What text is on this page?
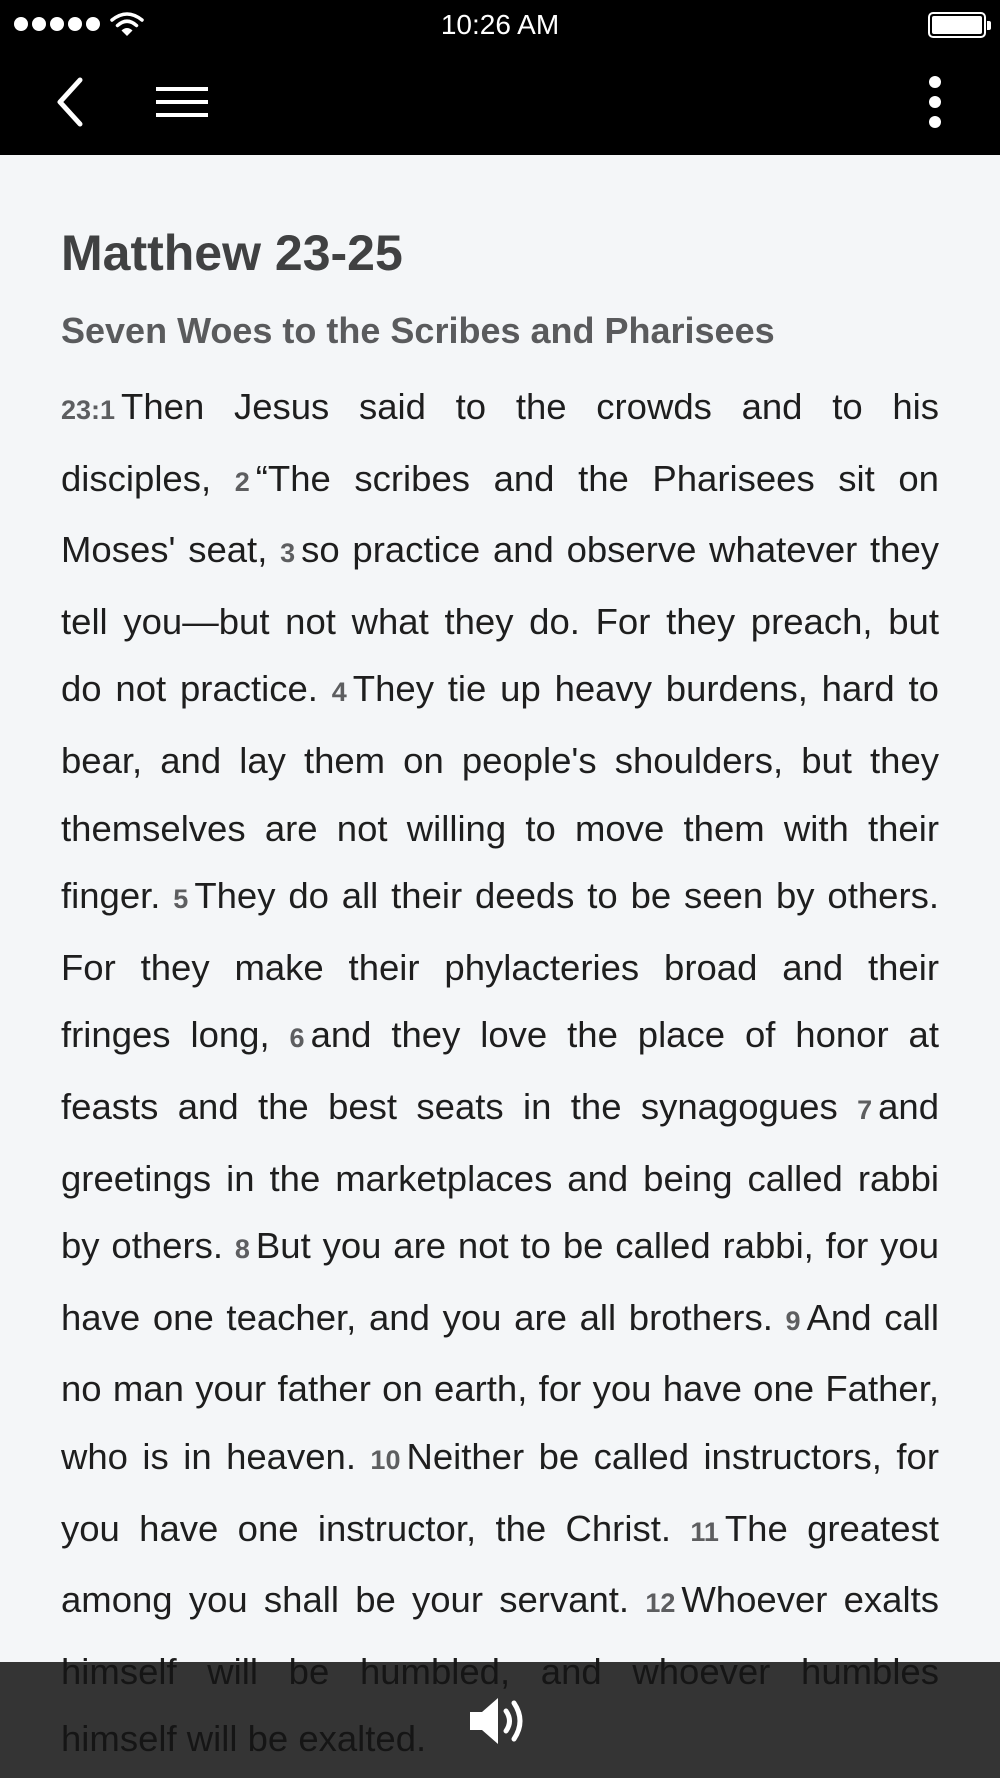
10:26 AM
Matthew 23-25
Seven Woes to the Scribes and Pharisees

23:1 Then Jesus said to the crowds and to his disciples, 2 “The scribes and the Pharisees sit on Moses' seat, 3 so practice and observe whatever they tell you—but not what they do. For they preach, but do not practice. 4 They tie up heavy burdens, hard to bear, and lay them on people's shoulders, but they themselves are not willing to move them with their finger. 5 They do all their deeds to be seen by others. For they make their phylacteries broad and their fringes long, 6 and they love the place of honor at feasts and the best seats in the synagogues 7 and greetings in the marketplaces and being called rabbi by others. 8 But you are not to be called rabbi, for you have one teacher, and you are all brothers. 9 And call no man your father on earth, for you have one Father, who is in heaven. 10 Neither be called instructors, for you have one instructor, the Christ. 11 The greatest among you shall be your servant. 12 Whoever exalts
